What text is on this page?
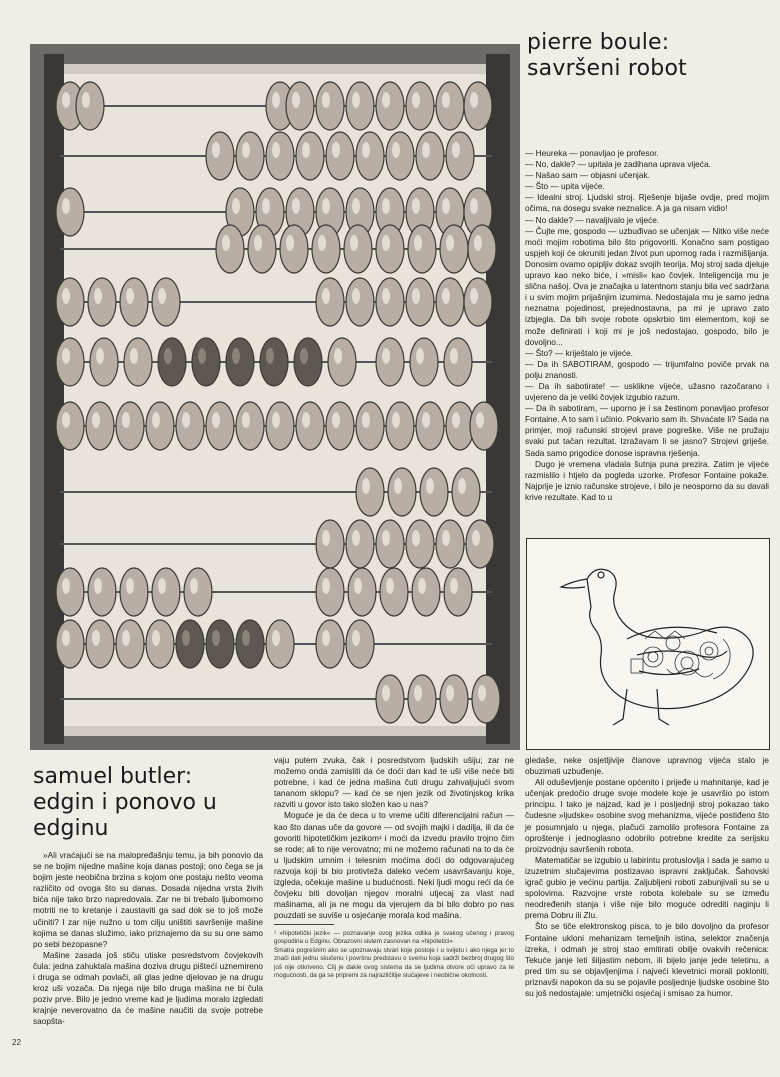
pierre boule:
savršeni robot

— Heureka — ponavljao je profesor.

— No, dakle? — upitala je zadihana uprava vijeća.

— Našao sam — objasni učenjak.

— Što — upita vijeće.

— Idealni stroj. Ljudski stroj. Rješenje bijaše ovdje, pred mojim očima, na dosegu svake neznalice. A ja ga nisam vidio!

— No dakle? — navaljivalo je vijeće.

— Čujte me, gospodo — uzbuđivao se učenjak — Nitko više neće moći mojim robotima bilo što prigovoriti. Konačno sam postigao uspjeh koji će okruniti jedan život pun upornog rada i razmišljanja. Donosim ovamo opipljiv dokaz svojih teorija. Moj stroj sada djeluje upravo kao neko biće, i »misli« kao čovjek. Inteligencija mu je slična našoj. Ova je značajka u latentnom stanju bila već sadržana i u svim mojim prijašnjim izumima. Nedostajala mu je samo jedna neznatna pojedinost, prejednostavna, pa mi je upravo zato izbjegla. Da bih svoje robote opskrbio tim elementom, koji se može definirati i koji mi je još nedostajao, gospodo, bilo je dovoljno...

— Što? — kriještalo je vijeće.

— Da ih SABOTIRAM, gospodo — trijumfalno poviče prvak na polju znanosti.

— Da ih sabotirate! — usklikne vijeće, užasno razočarano i uvjereno da je veliki čovjek izgubio razum.

— Da ih sabotiram, — uporno je i sa žestinom ponavljao profesor Fontaine. A to sam i učinio. Pokvario sam ih. Shvaćate li? Sada na primjer, moji računski strojevi prave pogreške. Više ne pružaju svaki put tačan rezultat. Izražavam li se jasno? Strojevi griješe. Sada samo prigodice donose ispravna rješenja.

Dugo je vremena vladala šutnja puna prezira. Zatim je vijeće razmislilo i htjelo da pogleda uzorke. Profesor Fontaine pokaže. Najprije je iznio računske strojeve, i bilo je neosporno da su davali krive rezultate. Kad to u

gledaše, neke osjetljivije članove upravnog vijeća stalo je obuzimati uzbuđenje.

Ali oduševljenje postane općenito i prijeđe u mahnitanje, kad je učenjak predočio druge svoje modele koje je usavršio po istom principu. I tako je najzad, kad je i posljednji stroj pokazao tako čudesne »ljudske« osobine svog mehanizma, vijeće postiđeno što je posumnjalo u njega, plačući zamolilo profesora Fontaine za oproštenje i jednoglasno odobrilo potrebne kredite za serijsku proizvodnju savršenih robota.

Matematičar se izgubio u labirintu protuslovlja i sada je samo u izuzetnim slučajevima postizavao ispravni zaključak. Šahovski igrač gubio je većinu partija. Zaljubljeni roboti zabunjivali su se u spolovima. Razvojne vrste robota kolebale su se između neodređenih stanja i više nije bilo moguće odrediti naginju li prema Dobru ili Zlu.

Što se tiče elektronskog pisca, to je bilo dovoljno da profesor Fontaine ukloni mehanizam temeljnih istina, selektor značenja izreka, i odmah je stroj stao emitirati obilje ovakvih rečenica: Tekuće janje leti šiljastim nebom, ili bijelo janje jede teletinu, a pred tim su se objavljenjima i najveći klevetnici morali pokloniti, priznavši napokon da su se pojavile posljednje ljudske osobine što su još nedostajale: umjetnički osjećaj i smisao za humor.

samuel butler:
edgin i ponovo u edginu

»Ali vraćajući se na malopređašnju temu, ja bih ponovio da se ne bojim nijedne mašine koja danas postoji; ono čega se ja bojim jeste neobična brzina s kojom one postaju nešto veoma različito od ovoga što su danas. Dosada nijedna vrsta živih bića nije tako brzo napredovala. Zar ne bi trebalo ljubomorno motriti ne to kretanje i zaustaviti ga sad dok se to još može učiniti? I zar nije nužno u tom cilju uništiti savršenije mašine kojima se danas služimo, iako priznajemo da su su one samo po sebi bezopasne?

Mašine zasada još stiču utiske posredstvom čovjekovih čula: jedna zahuktala mašina doziva drugu pištećí uznemireno i druga se odmah povlači, ali glas jedne djelovao je na drugu kroz uši vozača. Da njega nije bilo druga mašina ne bi čula poziv prve. Bilo je jedno vreme kad je ljudima moralo izgledati krajnje neverovatno da će mašine naučiti da svoje potrebe saopšta-

vaju putem zvuka, čak i posredstvom ljudskih ušiju; zar ne možemo onda zamisliti da će doći dan kad te uši više neće biti potrebne, i kad će jedna mašina čuti drugu zahvaljujući svom tananom sklopu? — kad će se njen jezik od životinjskog krika razviti u govor isto tako složen kao u nas?

Moguće je da će deca u to vreme učiti diferencijalni račun — kao što danas uče da govore — od svojih majki i dadilja, ili da će govoriti hipotetičkim jezikom¹ i moći da izvedu pravilo trojno čim se rode; ali to nije verovatno; mi ne možemo računati na to da će u ljudskim umnim i telesnim moćima doći do odgovarajućeg razvoja koji bi bio protivteža daleko većem usavršavanju koje, izgleda, očekuje mašine u budućnosti. Neki ljudi mogu reći da će čovjeku biti dovoljan njegov moralni utjecaj za vlast nad mašinama, ali ja ne mogu da vjerujem da bi bilo dobro po nas pouzdati se suviše u osjećanje morala kod mašina.

¹ »hipotetički jezik« — poznavanje ovog jezika odlika je svakog učenog i pravog gospodina u Edginu. Obrazovni sistem zasnovan na »hipotetici«

Smatra pogrešnim ako se upoznavaju stvari koje postoje i u svijetu i ako njega jer to znači dati jednu skučenu i površnu predstavu o svemu koja sadrži bezbroj drugog što još nije otkriveno. Cilj je dakle ovog sistema da se ljudima otvore oči upravo za te mogućnosti, da ga se pripremi za najrazličitije slučajeve i neobične okolnosti.

22
